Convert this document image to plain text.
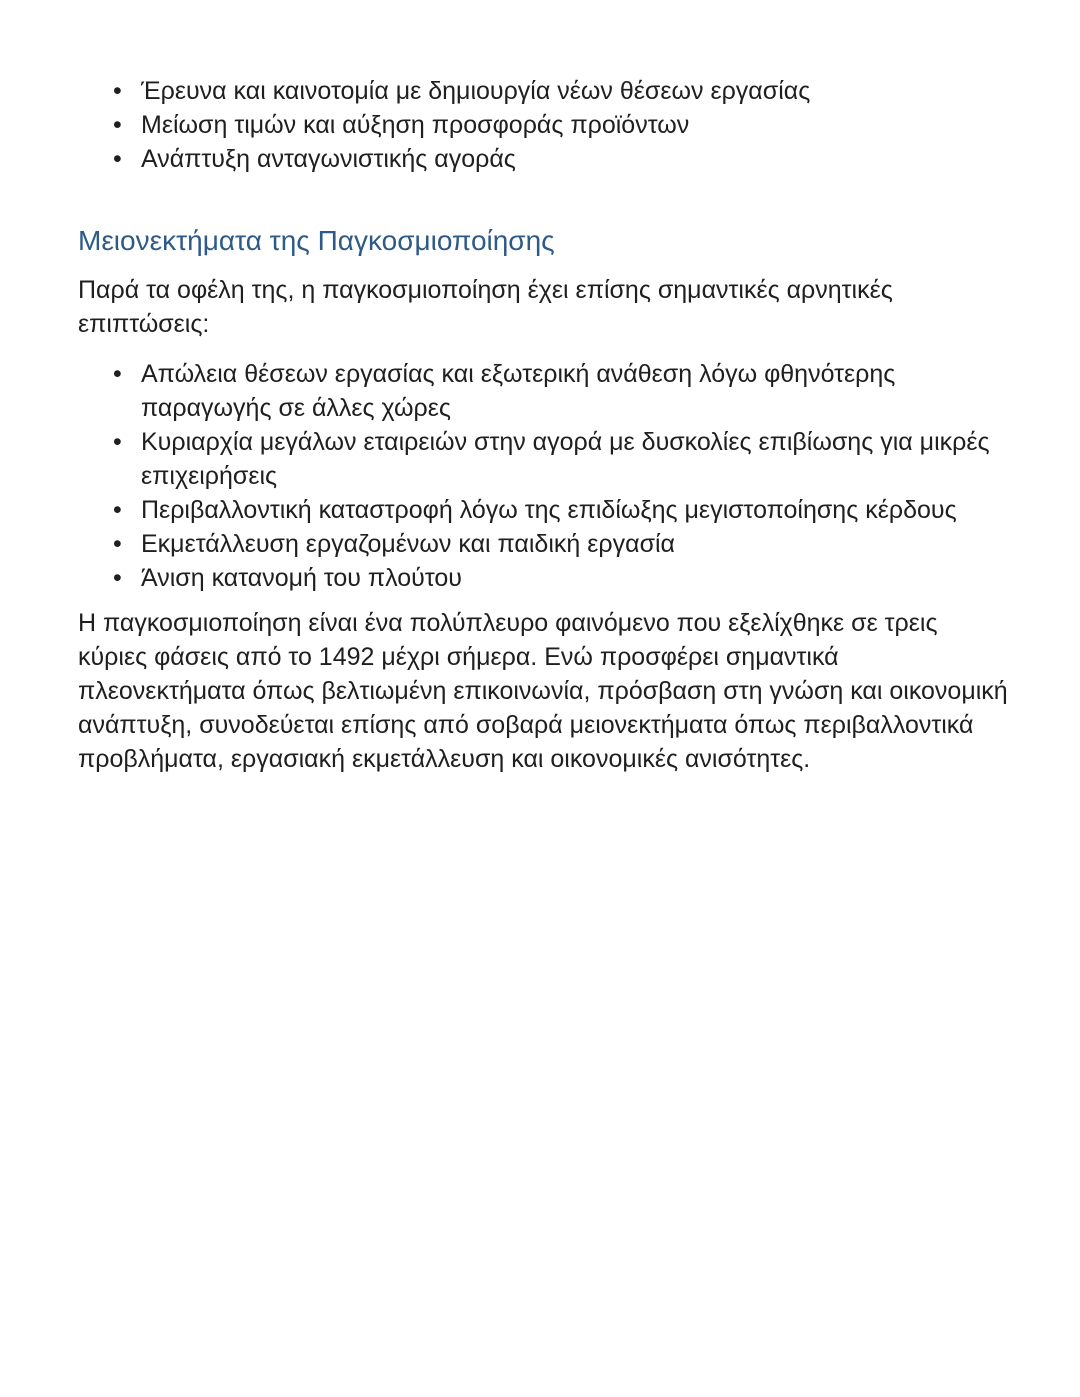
• Έρευνα και καινοτομία με δημιουργία νέων θέσεων εργασίας
• Μείωση τιμών και αύξηση προσφοράς προϊόντων
• Ανάπτυξη ανταγωνιστικής αγοράς
Μειονεκτήματα της Παγκοσμιοποίησης

Παρά τα οφέλη της, η παγκοσμιοποίηση έχει επίσης σημαντικές αρνητικές επιπτώσεις:

• Απώλεια θέσεων εργασίας και εξωτερική ανάθεση λόγω φθηνότερης παραγωγής σε άλλες χώρες
• Κυριαρχία μεγάλων εταιρειών στην αγορά με δυσκολίες επιβίωσης για μικρές επιχειρήσεις
• Περιβαλλοντική καταστροφή λόγω της επιδίωξης μεγιστοποίησης κέρδους
• Εκμετάλλευση εργαζομένων και παιδική εργασία
• Άνιση κατανομή του πλούτου

Η παγκοσμιοποίηση είναι ένα πολύπλευρο φαινόμενο που εξελίχθηκε σε τρεις κύριες φάσεις από το 1492 μέχρι σήμερα. Ενώ προσφέρει σημαντικά πλεονεκτήματα όπως βελτιωμένη επικοινωνία, πρόσβαση στη γνώση και οικονομική ανάπτυξη, συνοδεύεται επίσης από σοβαρά μειονεκτήματα όπως περιβαλλοντικά προβλήματα, εργασιακή εκμετάλλευση και οικονομικές ανισότητες.
